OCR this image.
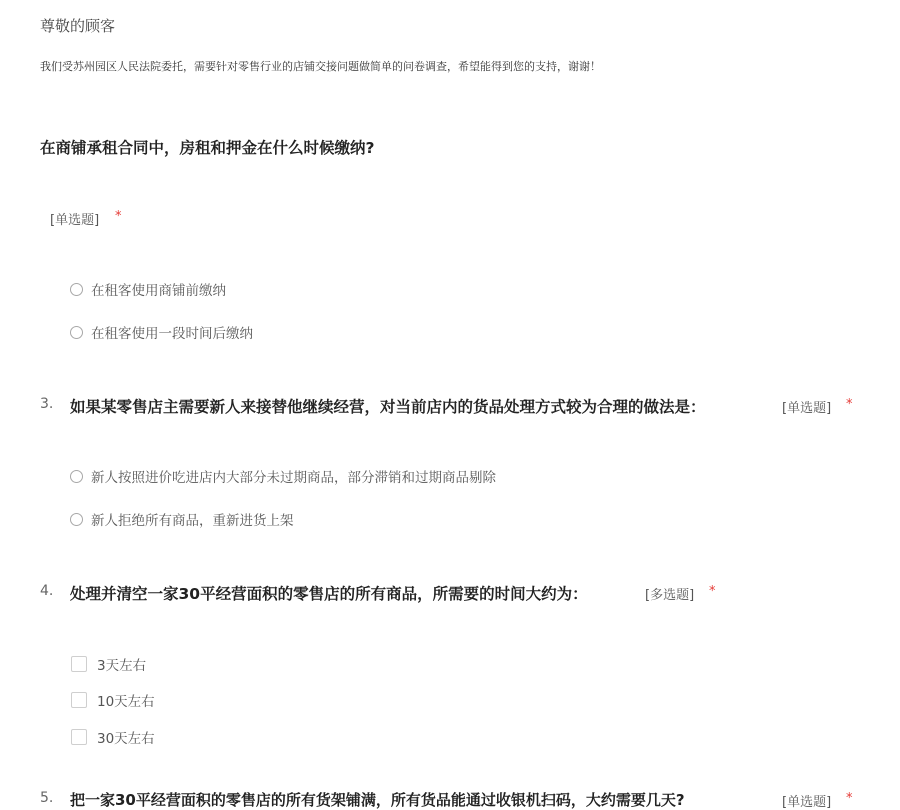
尊敬的顾客
我们受苏州园区人民法院委托，需要针对零售行业的店铺交接问题做简单的问卷调查，希望能得到您的支持，谢谢！
在商铺承租合同中，房租和押金在什么时候缴纳?
[单选题] *
在租客使用商铺前缴纳
在租客使用一段时间后缴纳
3. 如果某零售店主需要新人来接替他继续经营，对当前店内的货品处理方式较为合理的做法是：	[单选题] *
新人按照进价吃进店内大部分未过期商品，部分滞销和过期商品剔除
新人拒绝所有商品，重新进货上架
4. 处理并清空一家30平经营面积的零售店的所有商品，所需要的时间大约为：	[多选题] *
3天左右
10天左右
30天左右
5. 把一家30平经营面积的零售店的所有货架铺满，所有货品能通过收银机扫码，大约需要几天?	[单选题] *
